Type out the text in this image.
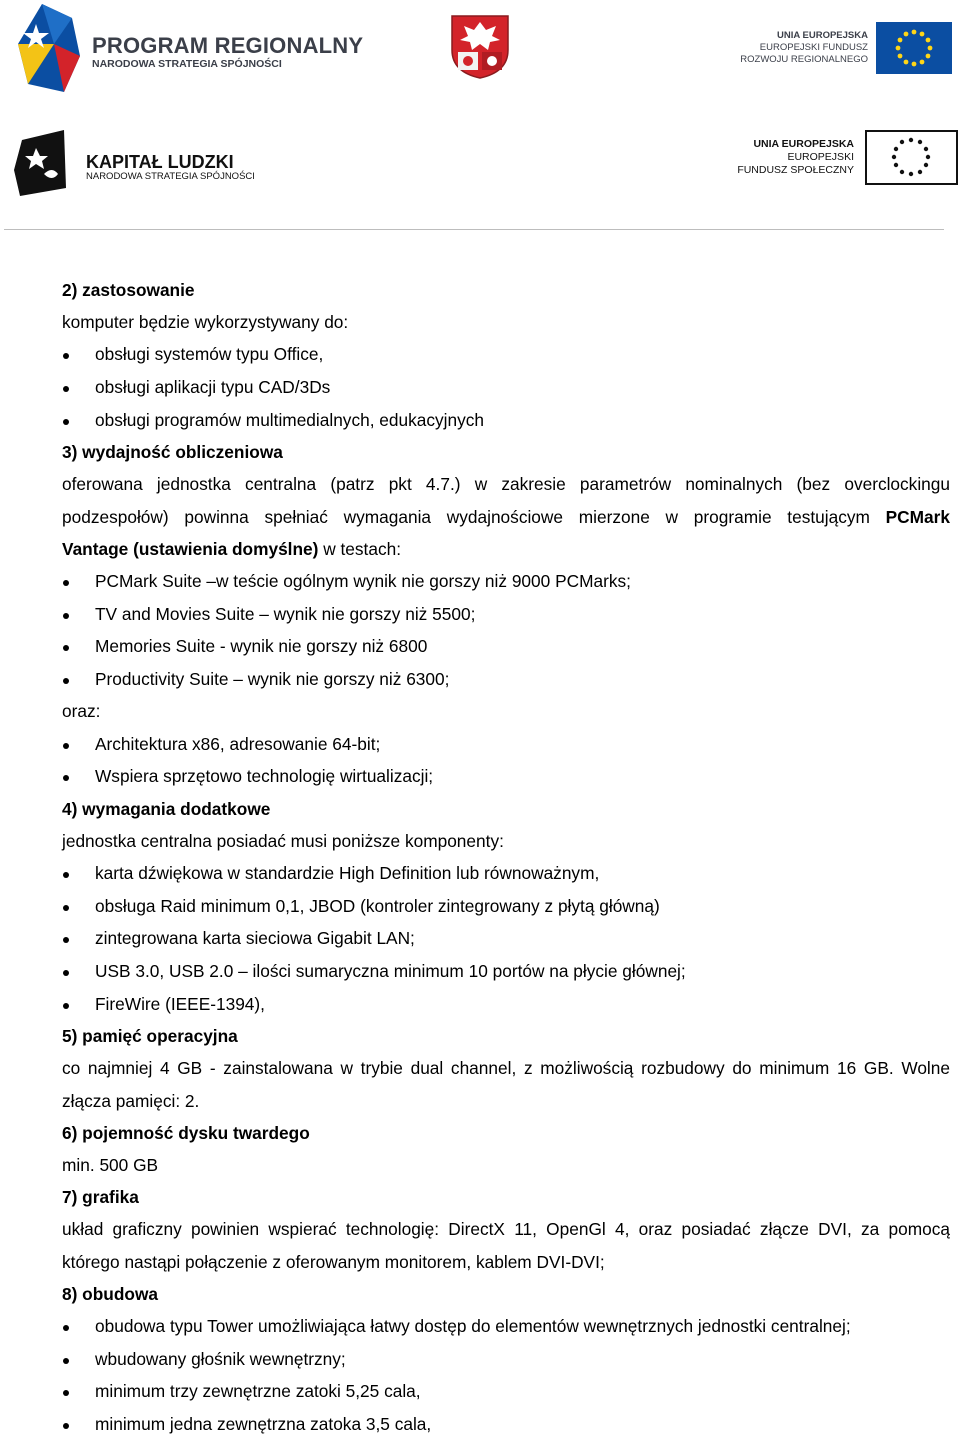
PROGRAM REGIONALNY
NARODOWA STRATEGIA SPÓJNOŚCI
UNIA EUROPEJSKA
EUROPEJSKI FUNDUSZ
ROZWOJU REGIONALNEGO
KAPITAŁ LUDZKI
NARODOWA STRATEGIA SPÓJNOŚCI
UNIA EUROPEJSKA
EUROPEJSKI
FUNDUSZ SPOŁECZNY

2) zastosowanie

komputer będzie wykorzystywany do:

obsługi systemów typu Office,
obsługi aplikacji typu CAD/3Ds
obsługi programów multimedialnych, edukacyjnych

3) wydajność obliczeniowa

oferowana jednostka centralna (patrz pkt 4.7.) w zakresie parametrów nominalnych (bez overclockingu

podzespołów) powinna spełniać wymagania wydajnościowe mierzone w programie testującym PCMark

Vantage (ustawienia domyślne) w testach:

PCMark Suite –w teście ogólnym wynik nie gorszy niż 9000 PCMarks;
TV and Movies Suite – wynik nie gorszy niż 5500;
Memories Suite - wynik nie gorszy niż 6800
Productivity Suite – wynik nie gorszy niż 6300;

oraz:

Architektura x86, adresowanie 64-bit;
Wspiera sprzętowo technologię wirtualizacji;

4) wymagania dodatkowe

jednostka centralna posiadać musi poniższe komponenty:

karta dźwiękowa w standardzie High Definition lub równoważnym,
obsługa Raid minimum 0,1, JBOD (kontroler zintegrowany z płytą główną)
zintegrowana karta sieciowa Gigabit LAN;
USB 3.0, USB 2.0 – ilości sumaryczna minimum 10 portów na płycie głównej;
FireWire (IEEE-1394),

5) pamięć operacyjna

co najmniej 4 GB - zainstalowana w trybie dual channel, z możliwością rozbudowy do minimum 16 GB. Wolne

złącza pamięci: 2.

6) pojemność dysku twardego

min. 500 GB

7) grafika

układ graficzny powinien wspierać technologię: DirectX 11, OpenGl 4, oraz posiadać złącze DVI, za pomocą

którego nastąpi połączenie z oferowanym monitorem, kablem DVI-DVI;

8) obudowa

obudowa typu Tower umożliwiająca łatwy dostęp do elementów wewnętrznych jednostki centralnej;
wbudowany głośnik wewnętrzny;
minimum trzy zewnętrzne zatoki 5,25 cala,
minimum jedna zewnętrzna zatoka 3,5 cala,
